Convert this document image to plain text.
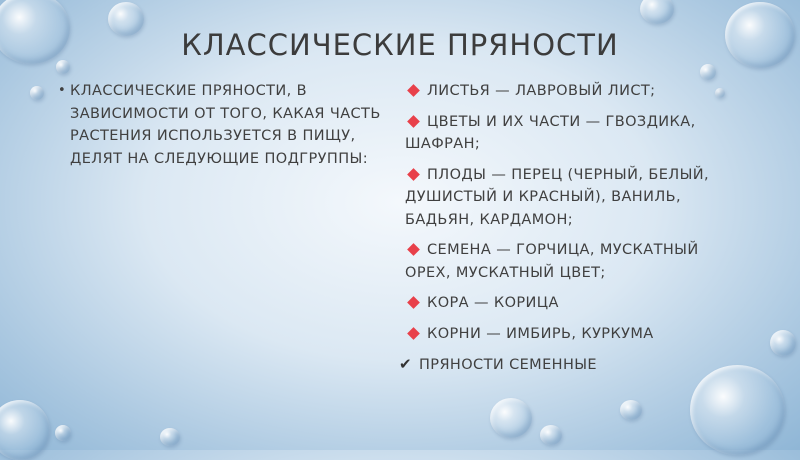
КЛАССИЧЕСКИЕ ПРЯНОСТИ
• КЛАССИЧЕСКИЕ ПРЯНОСТИ, В ЗАВИСИМОСТИ ОТ ТОГО, КАКАЯ ЧАСТЬ РАСТЕНИЯ ИСПОЛЬЗУЕТСЯ В ПИЩУ, ДЕЛЯТ НА СЛЕДУЮЩИЕ ПОДГРУППЫ:
ЛИСТЬЯ — ЛАВРОВЫЙ ЛИСТ;
ЦВЕТЫ И ИХ ЧАСТИ — ГВОЗДИКА, ШАФРАН;
ПЛОДЫ — ПЕРЕЦ (ЧЕРНЫЙ, БЕЛЫЙ, ДУШИСТЫЙ И КРАСНЫЙ), ВАНИЛЬ, БАДЬЯН, КАРДАМОН;
СЕМЕНА — ГОРЧИЦА, МУСКАТНЫЙ ОРЕХ, МУСКАТНЫЙ ЦВЕТ;
КОРА — КОРИЦА
КОРНИ — ИМБИРЬ, КУРКУМА
✔ ПРЯНОСТИ СЕМЕННЫЕ
